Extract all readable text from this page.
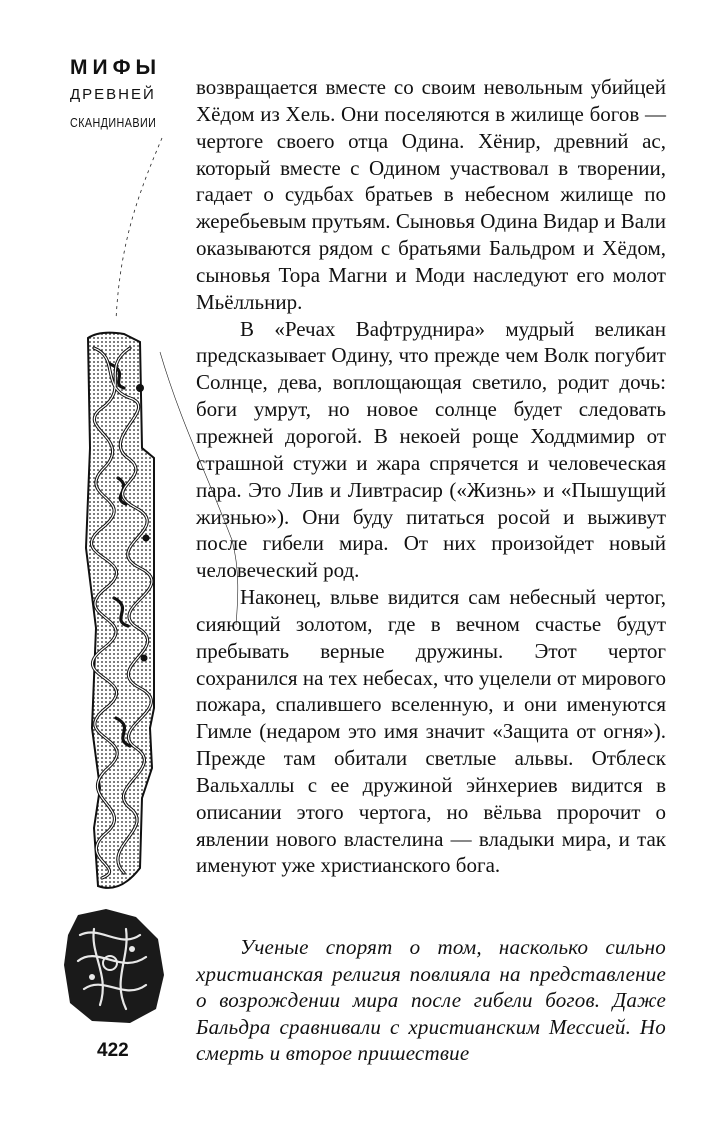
МИФЫ
ДРЕВНЕЙ
СКАНДИНАВИИ

возвращается вместе со своим невольным убийцей Хёдом из Хель. Они поселяются в жилище богов — чертоге своего отца Одина. Хёнир, древний ас, который вместе с Одином участвовал в творении, гадает о судьбах братьев в небесном жилище по жеребьевым прутьям. Сыновья Одина Видар и Вали оказываются рядом с братьями Бальдром и Хёдом, сыновья Тора Магни и Моди наследуют его молот Мьёлльнир.

В «Речах Вафтруднира» мудрый великан предсказывает Одину, что прежде чем Волк погубит Солнце, дева, воплощающая светило, родит дочь: боги умрут, но новое солнце будет следовать прежней дорогой. В некоей роще Ходдмимир от страшной стужи и жара спрячется и человеческая пара. Это Лив и Ливтрасир («Жизнь» и «Пышущий жизнью»). Они буду питаться росой и выживут после гибели мира. От них произойдет новый человеческий род.

Наконец, вльве видится сам небесный чертог, сияющий золотом, где в вечном счастье будут пребывать верные дружины. Этот чертог сохранился на тех небесах, что уцелели от мирового пожара, спалившего вселенную, и они именуются Гимле (недаром это имя значит «Защита от огня»). Прежде там обитали светлые альвы. Отблеск Вальхаллы с ее дружиной эйнхериев видится в описании этого чертога, но вёльва пророчит о явлении нового властелина — владыки мира, и так именуют уже христианского бога.

Ученые спорят о том, насколько сильно христианская религия повлияла на представление о возрождении мира после гибели богов. Даже Бальдра сравнивали с христианским Мессией. Но смерть и второе пришествие

422
